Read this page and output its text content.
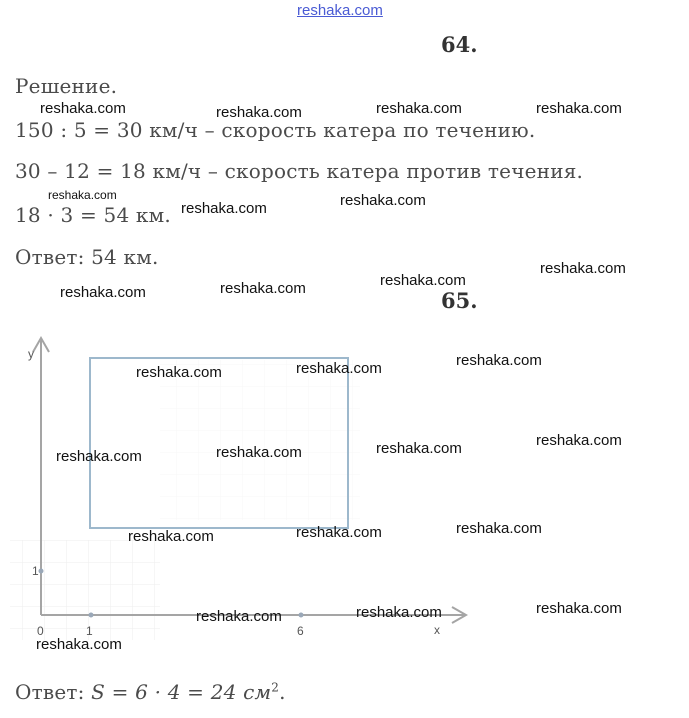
reshaka.com
64.
Решение.
150 : 5 = 30 км/ч – скорость катера по течению.
30 – 12 = 18 км/ч – скорость катера против течения.
18 · 3 = 54 км.
Ответ: 54 км.
65.
y
x
0	1	6
1
Ответ: S = 6 · 4 = 24 $см^2$.
reshaka.com	reshaka.com	reshaka.com	reshaka.com
reshaka.com
reshaka.com	reshaka.com
reshaka.com
reshaka.com
reshaka.com	reshaka.com
reshaka.com
reshaka.com
reshaka.com
reshaka.com
reshaka.com
reshaka.com
reshaka.com
reshaka.com
reshaka.com
reshaka.com
reshaka.com
reshaka.com
reshaka.com
reshaka.com
